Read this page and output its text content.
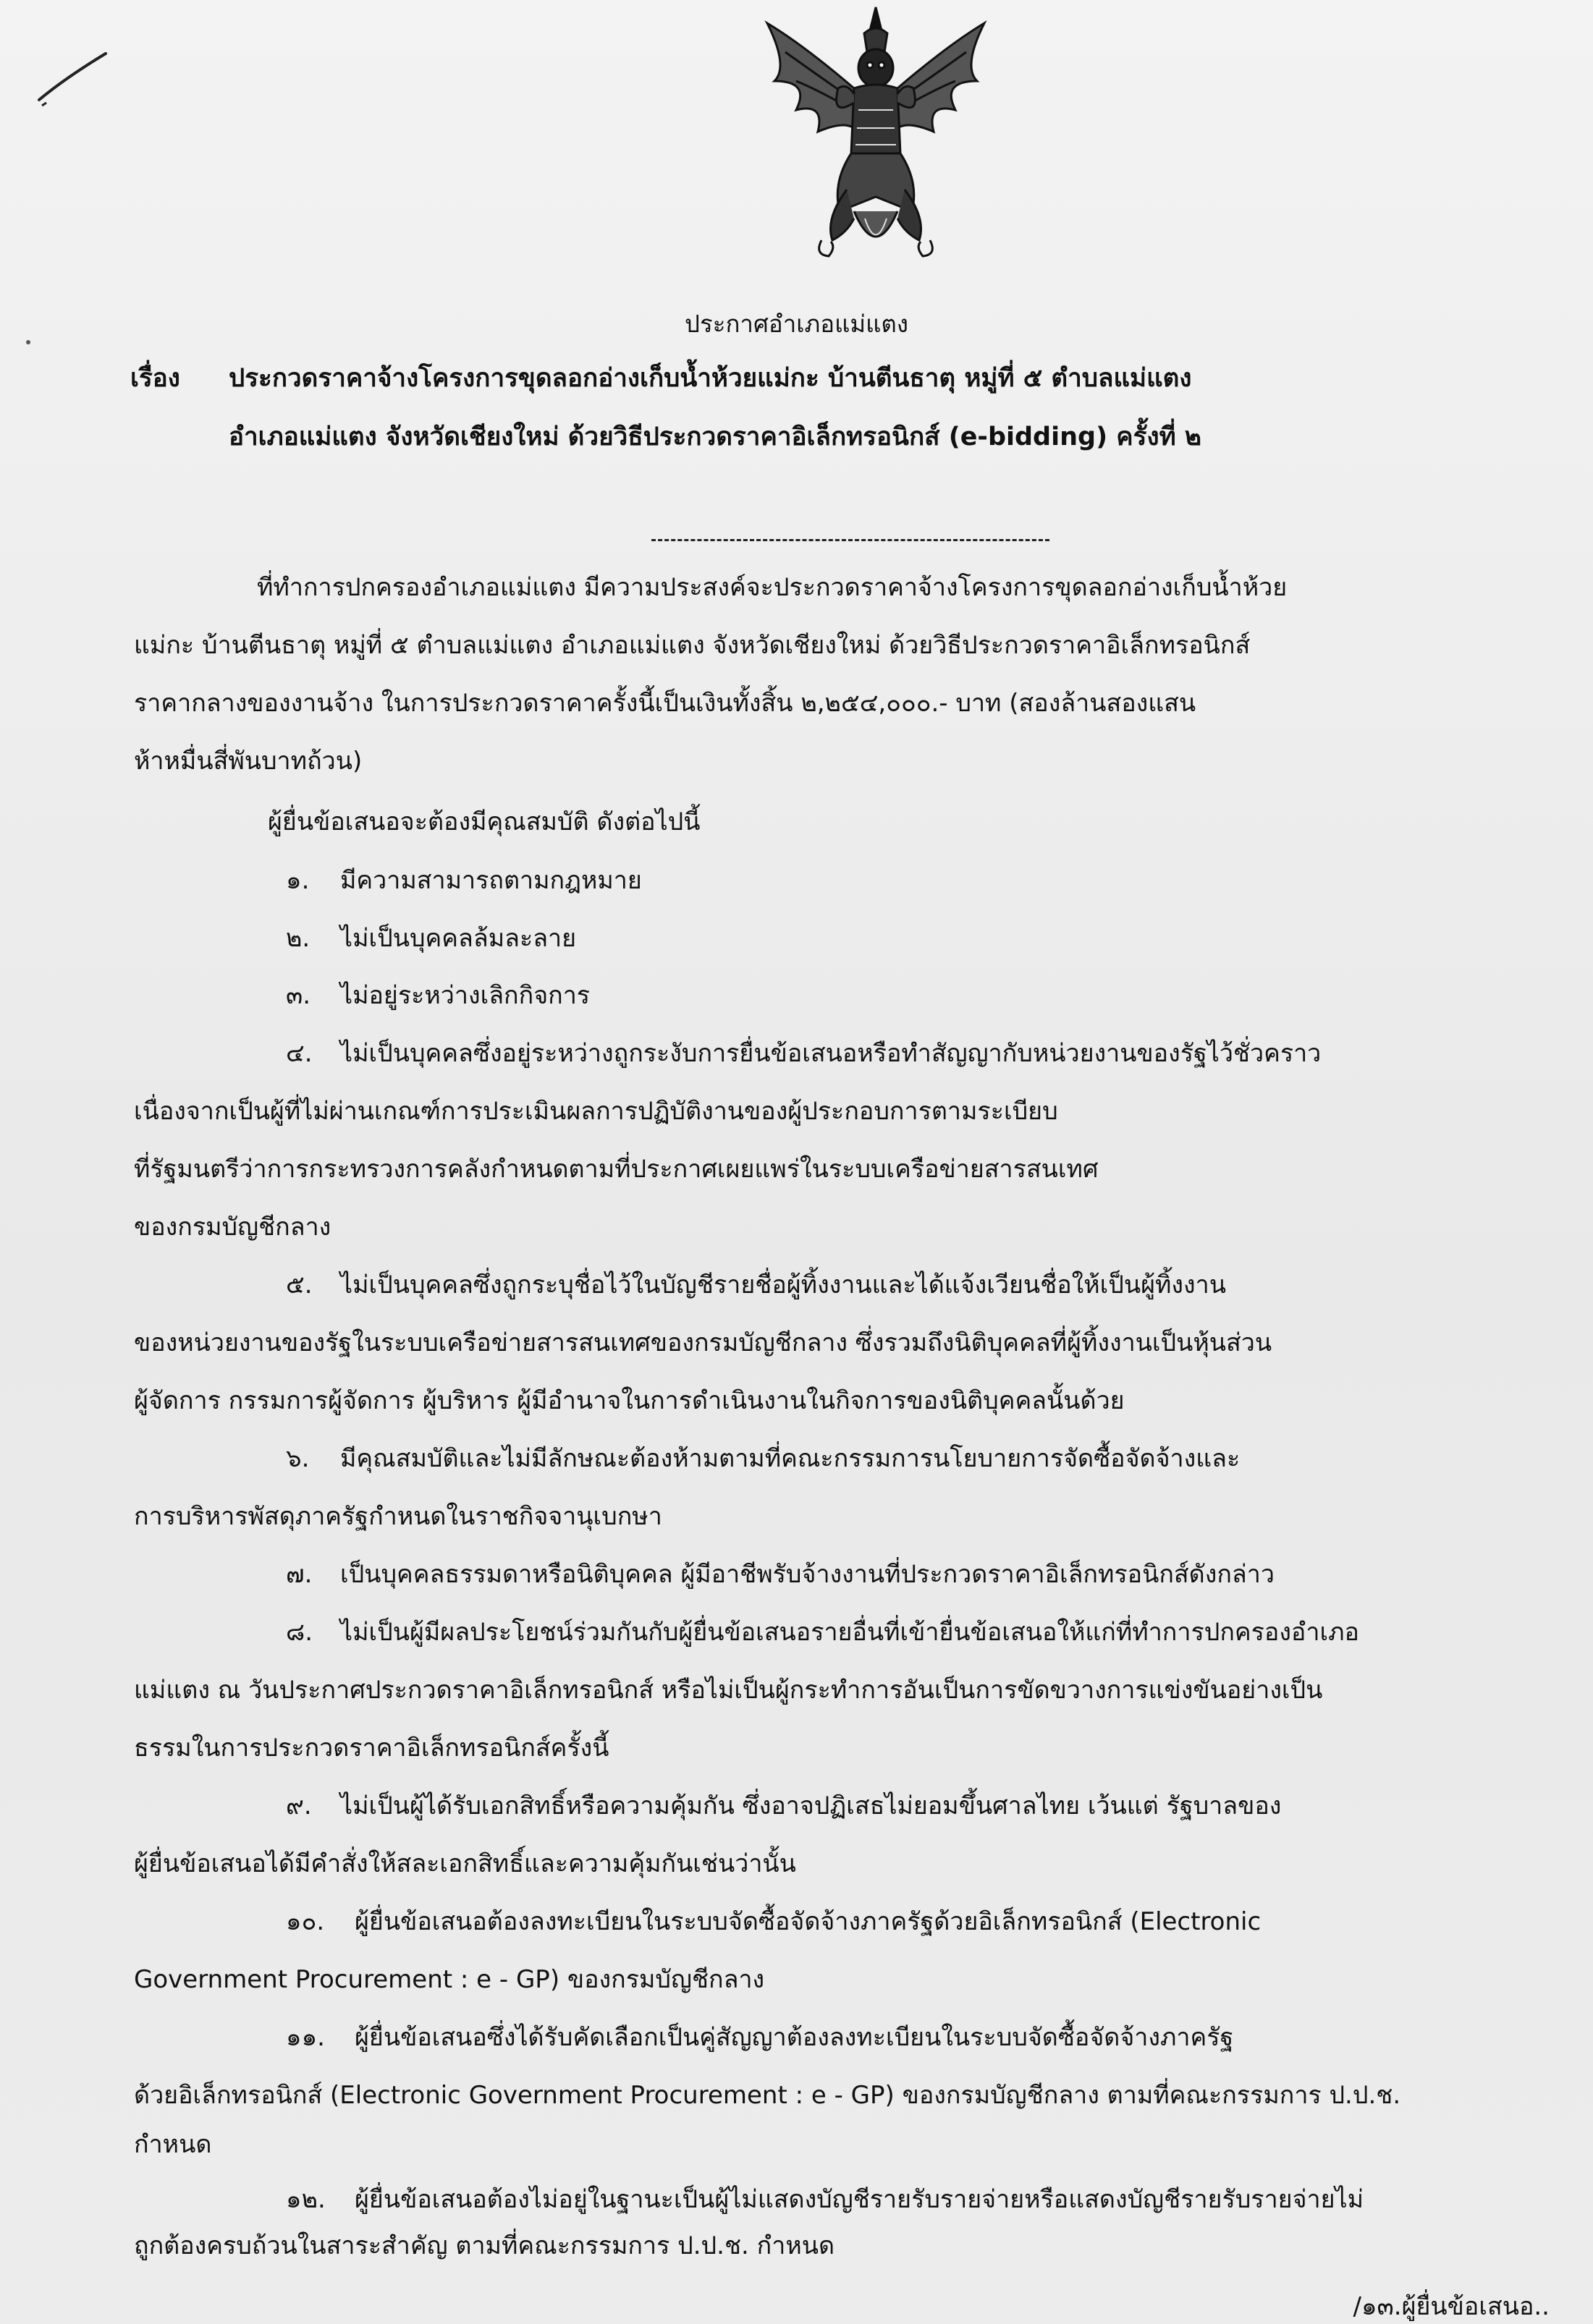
ประกาศอำเภอแม่แตง

เรื่อง ประกวดราคาจ้างโครงการขุดลอกอ่างเก็บน้ำห้วยแม่กะ บ้านตีนธาตุ หมู่ที่ ๕ ตำบลแม่แตง

อำเภอแม่แตง จังหวัดเชียงใหม่ ด้วยวิธีประกวดราคาอิเล็กทรอนิกส์ (e-bidding) ครั้งที่ ๒

ที่ทำการปกครองอำเภอแม่แตง มีความประสงค์จะประกวดราคาจ้างโครงการขุดลอกอ่างเก็บน้ำห้วย

แม่กะ บ้านตีนธาตุ หมู่ที่ ๕ ตำบลแม่แตง อำเภอแม่แตง จังหวัดเชียงใหม่ ด้วยวิธีประกวดราคาอิเล็กทรอนิกส์

ราคากลางของงานจ้าง ในการประกวดราคาครั้งนี้เป็นเงินทั้งสิ้น ๒,๒๕๔,๐๐๐.- บาท (สองล้านสองแสน

ห้าหมื่นสี่พันบาทถ้วน)

ผู้ยื่นข้อเสนอจะต้องมีคุณสมบัติ ดังต่อไปนี้

๑. มีความสามารถตามกฎหมาย

๒. ไม่เป็นบุคคลล้มละลาย

๓. ไม่อยู่ระหว่างเลิกกิจการ

๔. ไม่เป็นบุคคลซึ่งอยู่ระหว่างถูกระงับการยื่นข้อเสนอหรือทำสัญญากับหน่วยงานของรัฐไว้ชั่วคราว

เนื่องจากเป็นผู้ที่ไม่ผ่านเกณฑ์การประเมินผลการปฏิบัติงานของผู้ประกอบการตามระเบียบ

ที่รัฐมนตรีว่าการกระทรวงการคลังกำหนดตามที่ประกาศเผยแพร่ในระบบเครือข่ายสารสนเทศ

ของกรมบัญชีกลาง

๕. ไม่เป็นบุคคลซึ่งถูกระบุชื่อไว้ในบัญชีรายชื่อผู้ทิ้งงานและได้แจ้งเวียนชื่อให้เป็นผู้ทิ้งงาน

ของหน่วยงานของรัฐในระบบเครือข่ายสารสนเทศของกรมบัญชีกลาง ซึ่งรวมถึงนิติบุคคลที่ผู้ทิ้งงานเป็นหุ้นส่วน

ผู้จัดการ กรรมการผู้จัดการ ผู้บริหาร ผู้มีอำนาจในการดำเนินงานในกิจการของนิติบุคคลนั้นด้วย

๖. มีคุณสมบัติและไม่มีลักษณะต้องห้ามตามที่คณะกรรมการนโยบายการจัดซื้อจัดจ้างและ

การบริหารพัสดุภาครัฐกำหนดในราชกิจจานุเบกษา

๗. เป็นบุคคลธรรมดาหรือนิติบุคคล ผู้มีอาชีพรับจ้างงานที่ประกวดราคาอิเล็กทรอนิกส์ดังกล่าว

๘. ไม่เป็นผู้มีผลประโยชน์ร่วมกันกับผู้ยื่นข้อเสนอรายอื่นที่เข้ายื่นข้อเสนอให้แก่ที่ทำการปกครองอำเภอ

แม่แตง ณ วันประกาศประกวดราคาอิเล็กทรอนิกส์ หรือไม่เป็นผู้กระทำการอันเป็นการขัดขวางการแข่งขันอย่างเป็น

ธรรมในการประกวดราคาอิเล็กทรอนิกส์ครั้งนี้

๙. ไม่เป็นผู้ได้รับเอกสิทธิ์หรือความคุ้มกัน ซึ่งอาจปฏิเสธไม่ยอมขึ้นศาลไทย เว้นแต่ รัฐบาลของ

ผู้ยื่นข้อเสนอได้มีคำสั่งให้สละเอกสิทธิ์และความคุ้มกันเช่นว่านั้น

๑๐. ผู้ยื่นข้อเสนอต้องลงทะเบียนในระบบจัดซื้อจัดจ้างภาครัฐด้วยอิเล็กทรอนิกส์ (Electronic

Government Procurement : e - GP) ของกรมบัญชีกลาง

๑๑. ผู้ยื่นข้อเสนอซึ่งได้รับคัดเลือกเป็นคู่สัญญาต้องลงทะเบียนในระบบจัดซื้อจัดจ้างภาครัฐ

ด้วยอิเล็กทรอนิกส์ (Electronic Government Procurement : e - GP) ของกรมบัญชีกลาง ตามที่คณะกรรมการ ป.ป.ช.

กำหนด

๑๒. ผู้ยื่นข้อเสนอต้องไม่อยู่ในฐานะเป็นผู้ไม่แสดงบัญชีรายรับรายจ่ายหรือแสดงบัญชีรายรับรายจ่ายไม่

ถูกต้องครบถ้วนในสาระสำคัญ ตามที่คณะกรรมการ ป.ป.ช. กำหนด

/๑๓.ผู้ยื่นข้อเสนอ..
